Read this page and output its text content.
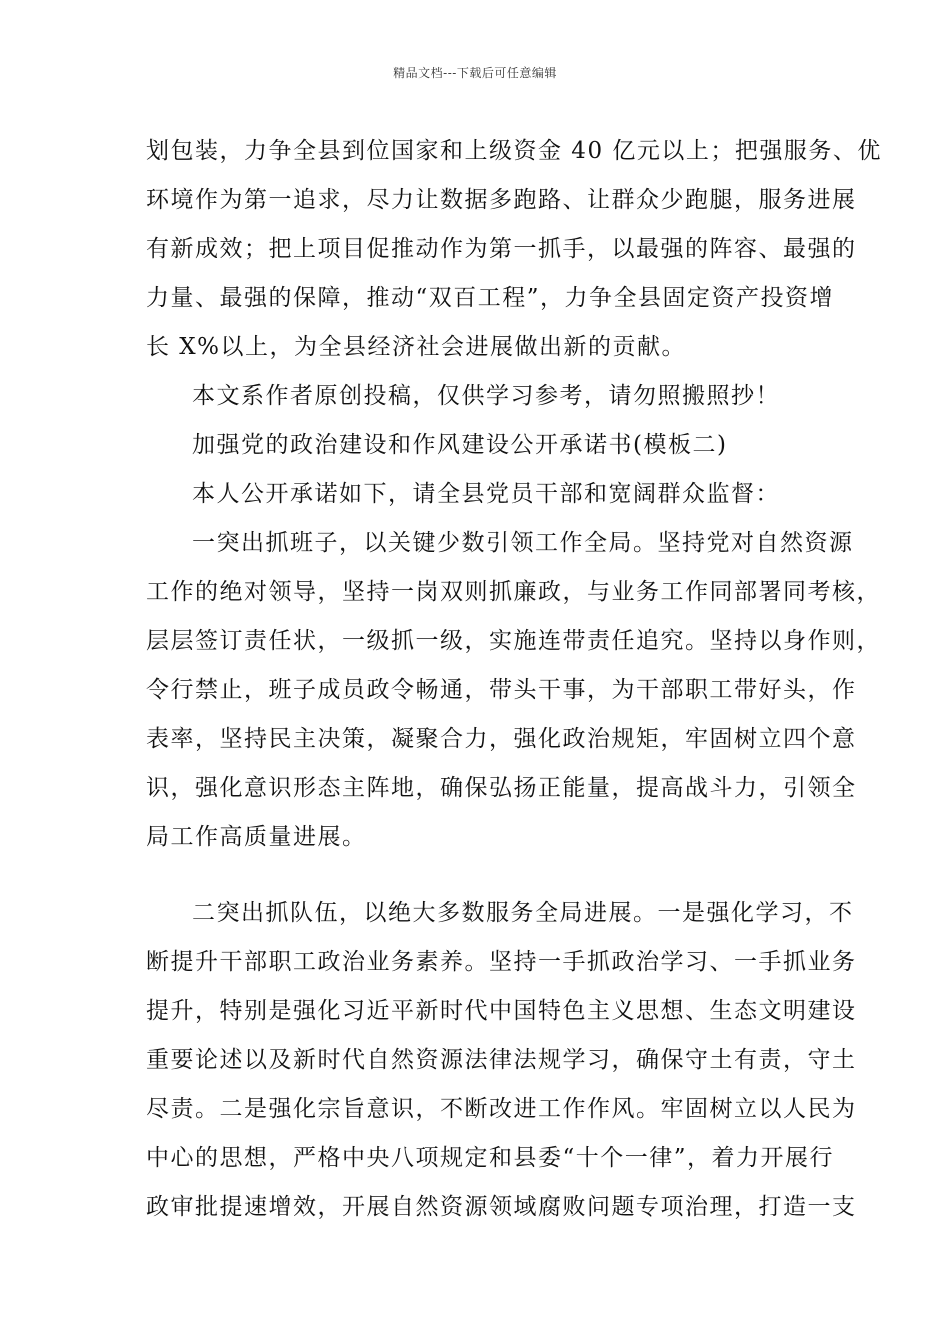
精品文档---下载后可任意编辑
划包装，力争全县到位国家和上级资金 40 亿元以上；把强服务、优
环境作为第一追求，尽力让数据多跑路、让群众少跑腿，服务进展
有新成效；把上项目促推动作为第一抓手，以最强的阵容、最强的
力量、最强的保障，推动“双百工程”，力争全县固定资产投资增
长 X%以上，为全县经济社会进展做出新的贡献。
本文系作者原创投稿，仅供学习参考，请勿照搬照抄！
加强党的政治建设和作风建设公开承诺书(模板二)
本人公开承诺如下，请全县党员干部和宽阔群众监督：
一突出抓班子，以关键少数引领工作全局。坚持党对自然资源
工作的绝对领导，坚持一岗双则抓廉政，与业务工作同部署同考核，
层层签订责任状，一级抓一级，实施连带责任追究。坚持以身作则，
令行禁止，班子成员政令畅通，带头干事，为干部职工带好头，作
表率，坚持民主决策，凝聚合力，强化政治规矩，牢固树立四个意
识，强化意识形态主阵地，确保弘扬正能量，提高战斗力，引领全
局工作高质量进展。
二突出抓队伍，以绝大多数服务全局进展。一是强化学习，不
断提升干部职工政治业务素养。坚持一手抓政治学习、一手抓业务
提升，特别是强化习近平新时代中国特色主义思想、生态文明建设
重要论述以及新时代自然资源法律法规学习，确保守土有责，守土
尽责。二是强化宗旨意识，不断改进工作作风。牢固树立以人民为
中心的思想，严格中央八项规定和县委“十个一律”，着力开展行
政审批提速增效，开展自然资源领域腐败问题专项治理，打造一支
